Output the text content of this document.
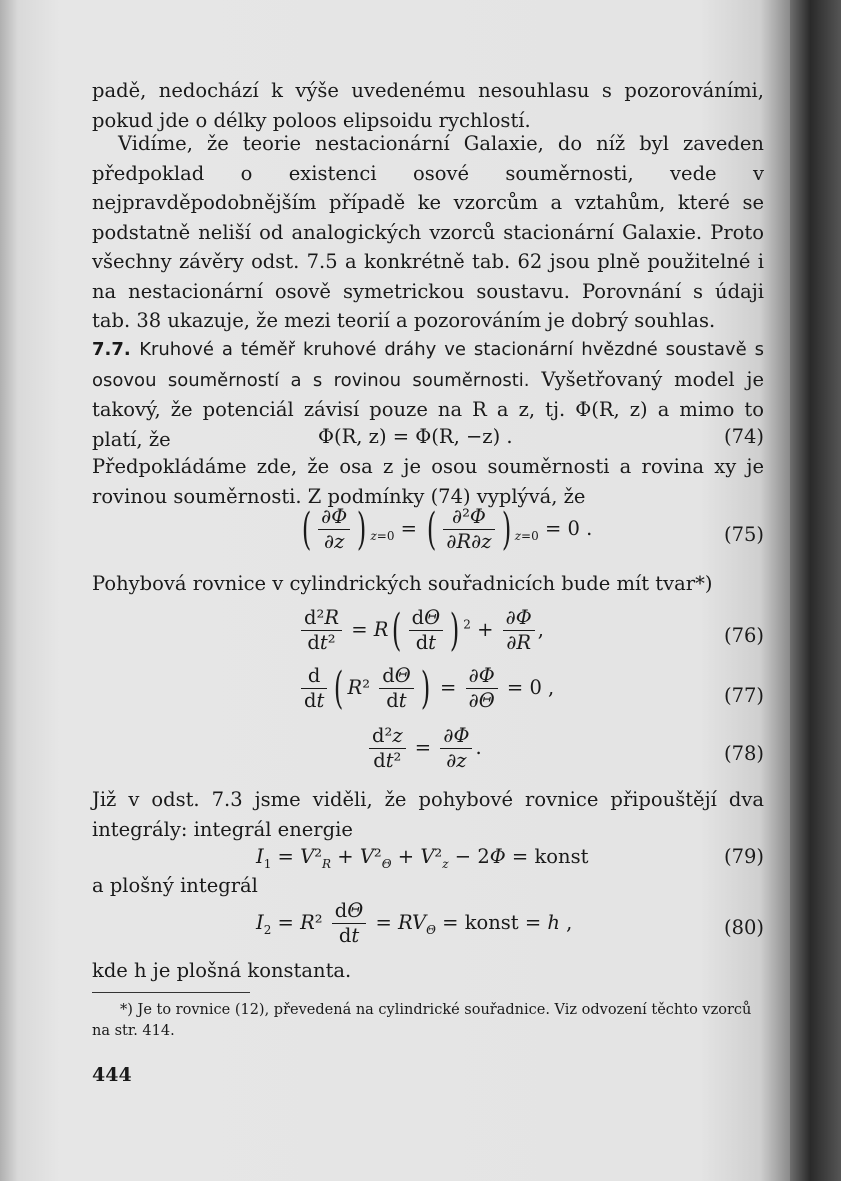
padě, nedochází k výše uvedenému nesouhlasu s pozorováními, pokud jde o délky poloos elipsoidu rychlostí.
Vidíme, že teorie nestacionární Galaxie, do níž byl zaveden předpoklad o existenci osové souměrnosti, vede v nejpravděpodobnějším případě ke vzorcům a vztahům, které se podstatně neliší od analogických vzorců stacionární Galaxie. Proto všechny závěry odst. 7.5 a konkrétně tab. 62 jsou plně použitelné i na nestacionární osově symetrickou soustavu. Porovnání s údaji tab. 38 ukazuje, že mezi teorií a pozorováním je dobrý souhlas.
7.7. Kruhové a téměř kruhové dráhy ve stacionární hvězdné soustavě s osovou souměrností a s rovinou souměrnosti. Vyšetřovaný model je takový, že potenciál závisí pouze na R a z, tj. Φ(R, z) a mimo to platí, že	Φ(R, z) = Φ(R, −z) .	(74)
Předpokládáme zde, že osa z je osou souměrnosti a rovina xy je rovinou souměrnosti. Z podmínky (74) vyplývá, že
( $\frac{\partial\Phi}{\partial z}$ ) $_{z=0}$ = ( $\frac{\text{∂²Φ}}{\partial R\partial z}$ ) $_{z=0}$ = 0 .	(75)
Pohybová rovnice v cylindrických souřadnicích bude mít tvar*)
$\frac{\text{d²R}}{\text{dt²}} = R( \frac{d\Theta}{dt}$ ) $^2 + \frac{\partial\Phi}{\partial R}$ ,	(76)
$\frac{d}{dt}$ ( $R^2 \frac{d\Theta}{dt}$ ) = $\frac{\partial\Phi}{\partial\Theta} = 0$ ,	(77)
$\frac{\text{d²z}}{\text{dt²}} = \frac{\partial\Phi}{\partial z}$ .	(78)
Již v odst. 7.3 jsme viděli, že pohybové rovnice připouštějí dva integrály: integrál energie
$I_1 = V^2_R + V^2_\Theta + V^2_z - 2\Phi$ = konst	(79)
a plošný integrál
$I_2 = R^2 \frac{d\Theta}{dt} = RV_\Theta$ = konst = h ,	(80)
kde h je plošná konstanta.
*) Je to rovnice (12), převedená na cylindrické souřadnice. Viz odvození těchto vzorců na str. 414.
444
